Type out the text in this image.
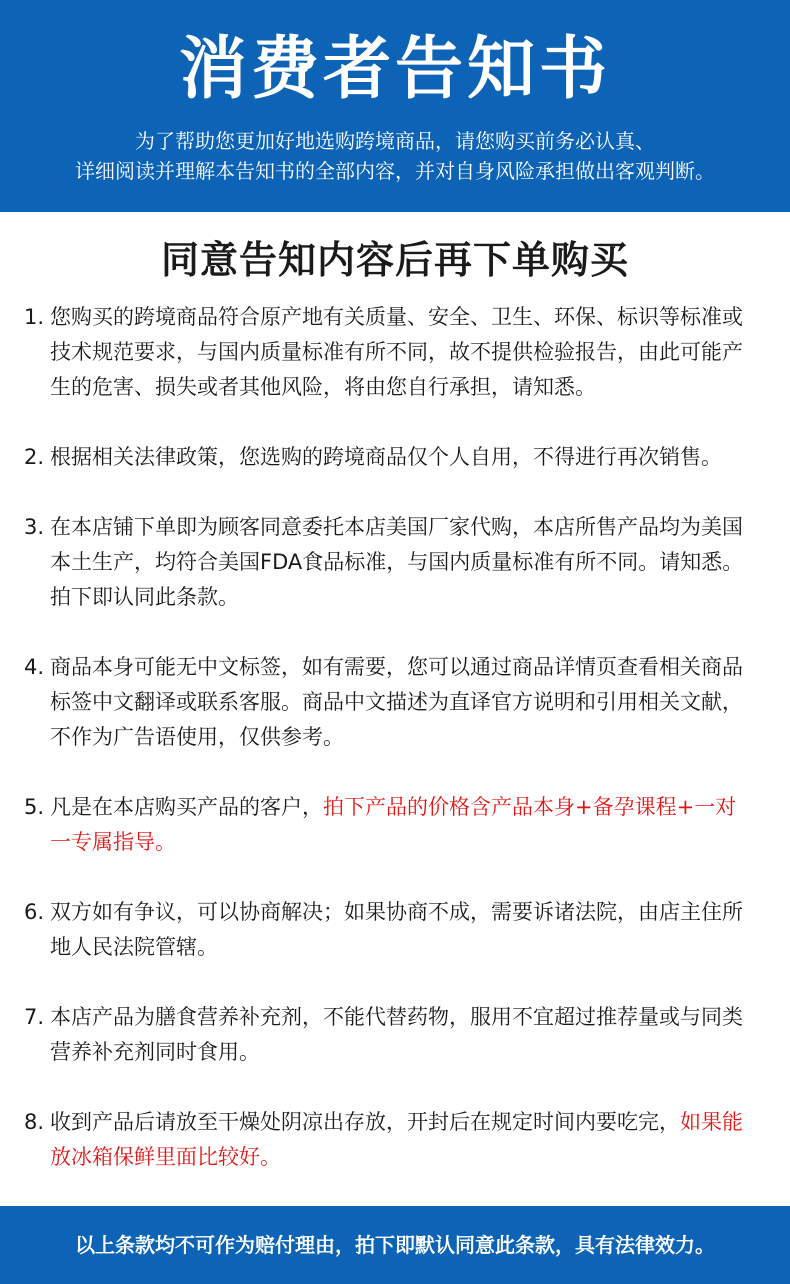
消费者告知书
为了帮助您更加好地选购跨境商品，请您购买前务必认真、
详细阅读并理解本告知书的全部内容，并对自身风险承担做出客观判断。
同意告知内容后再下单购买
1. 您购买的跨境商品符合原产地有关质量、安全、卫生、环保、标识等标准或技术规范要求，与国内质量标准有所不同，故不提供检验报告，由此可能产生的危害、损失或者其他风险，将由您自行承担，请知悉。
2. 根据相关法律政策，您选购的跨境商品仅个人自用，不得进行再次销售。
3. 在本店铺下单即为顾客同意委托本店美国厂家代购，本店所售产品均为美国本土生产，均符合美国FDA食品标准，与国内质量标准有所不同。请知悉。拍下即认同此条款。
4. 商品本身可能无中文标签，如有需要，您可以通过商品详情页查看相关商品标签中文翻译或联系客服。商品中文描述为直译官方说明和引用相关文献，不作为广告语使用，仅供参考。
5. 凡是在本店购买产品的客户，拍下产品的价格含产品本身+备孕课程+一对一专属指导。
6. 双方如有争议，可以协商解决；如果协商不成，需要诉诸法院，由店主住所地人民法院管辖。
7. 本店产品为膳食营养补充剂，不能代替药物，服用不宜超过推荐量或与同类营养补充剂同时食用。
8. 收到产品后请放至干燥处阴凉出存放，开封后在规定时间内要吃完，如果能放冰箱保鲜里面比较好。
以上条款均不可作为赔付理由，拍下即默认同意此条款，具有法律效力。
